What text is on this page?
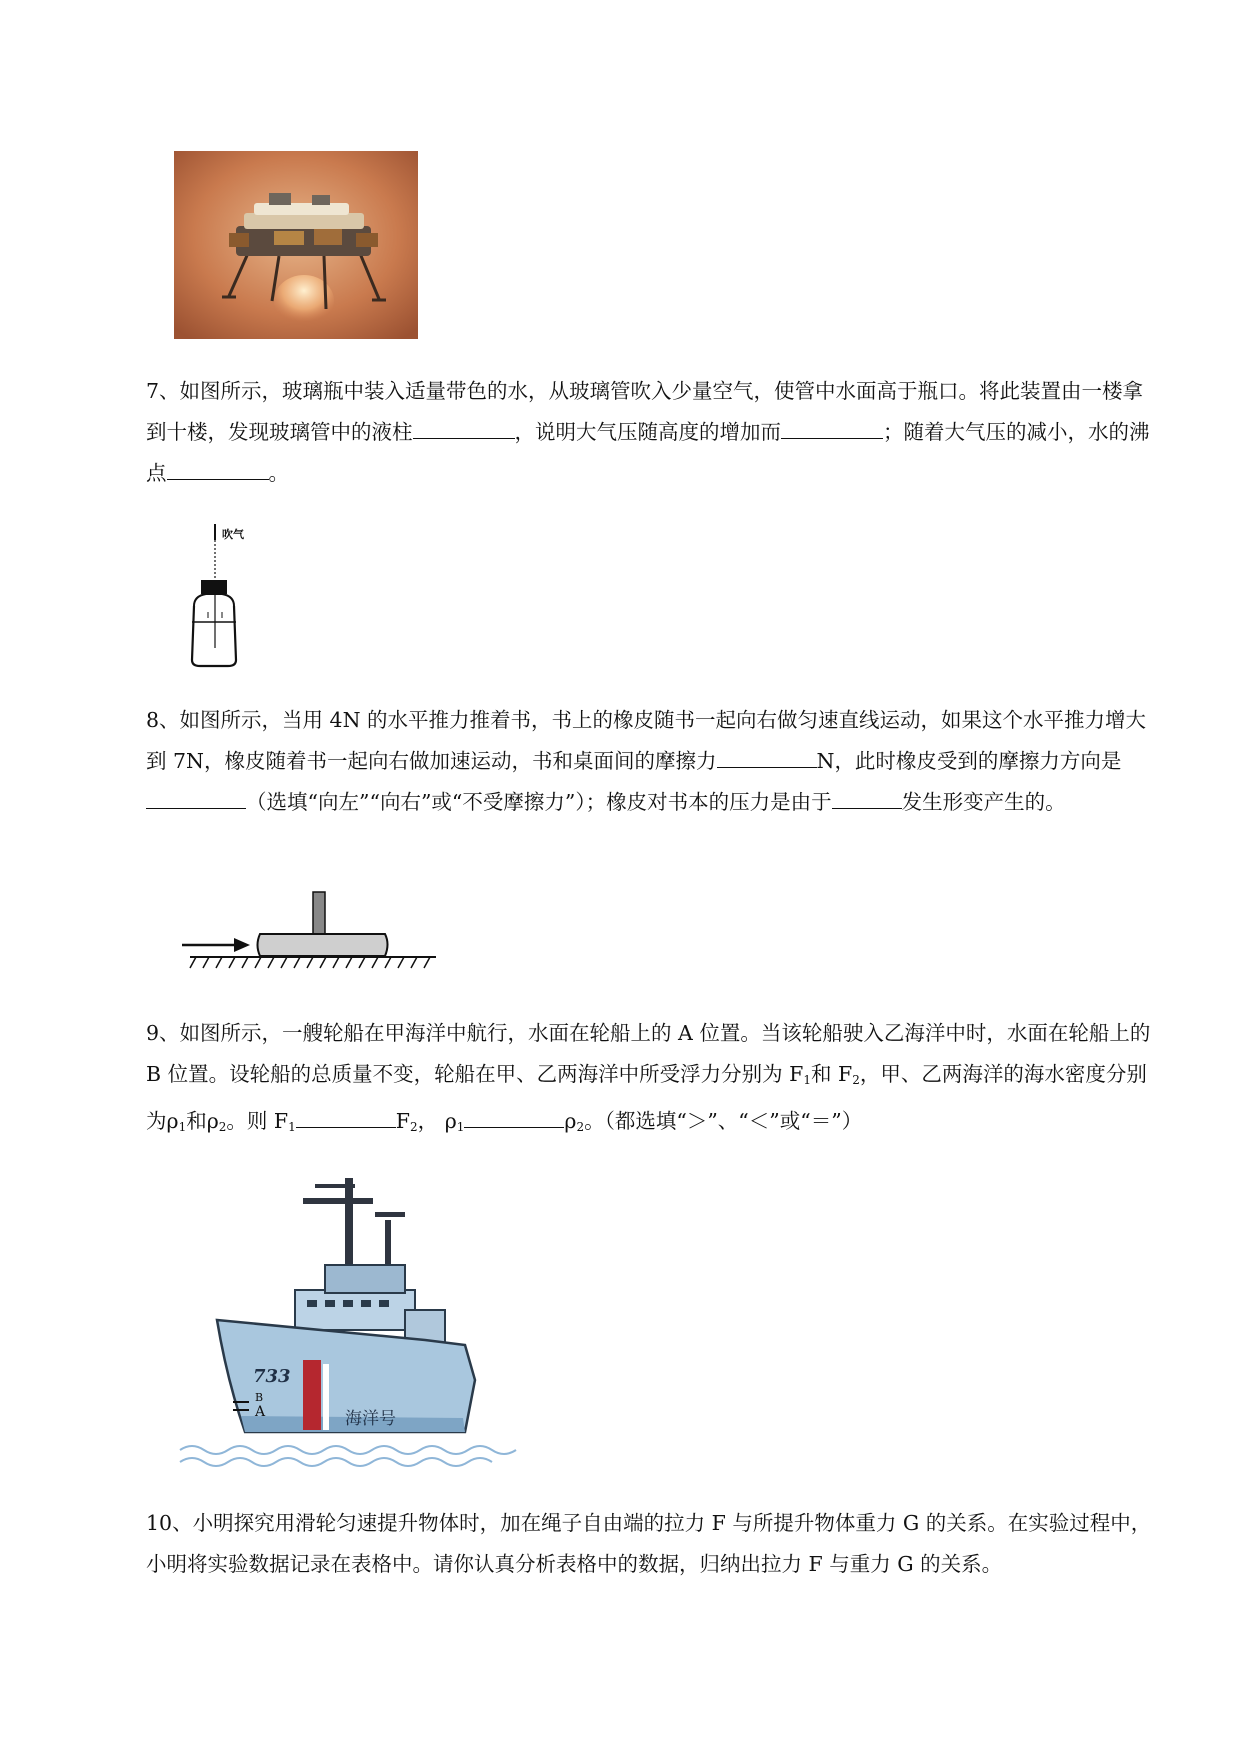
7、如图所示，玻璃瓶中装入适量带色的水，从玻璃管吹入少量空气，使管中水面高于瓶口。将此装置由一楼拿到十楼，发现玻璃管中的液柱	，说明大气压随高度的增加而	；随着大气压的减小，水的沸点	。

吹气

8、如图所示，当用 4N 的水平推力推着书，书上的橡皮随书一起向右做匀速直线运动，如果这个水平推力增大到 7N，橡皮随着书一起向右做加速运动，书和桌面间的摩擦力	N，此时橡皮受到的摩擦力方向是（选填“向左”“向右”或“不受摩擦力”）；橡皮对书本的压力是由于	发生形变产生的。

9、如图所示，一艘轮船在甲海洋中航行，水面在轮船上的 A 位置。当该轮船驶入乙海洋中时，水面在轮船上的 B 位置。设轮船的总质量不变，轮船在甲、乙两海洋中所受浮力分别为 $F_1$和 $F_2$，甲、乙两海洋的海水密度分别为$\rho_1$和$\rho_2$。则 $F_1$	$F_2$， $\rho_1$	$\rho_2$。（都选填“＞”、“＜”或“＝”）

733
海洋号
B
A

10、小明探究用滑轮匀速提升物体时，加在绳子自由端的拉力 F 与所提升物体重力 G 的关系。在实验过程中，小明将实验数据记录在表格中。请你认真分析表格中的数据，归纳出拉力 F 与重力 G 的关系。
